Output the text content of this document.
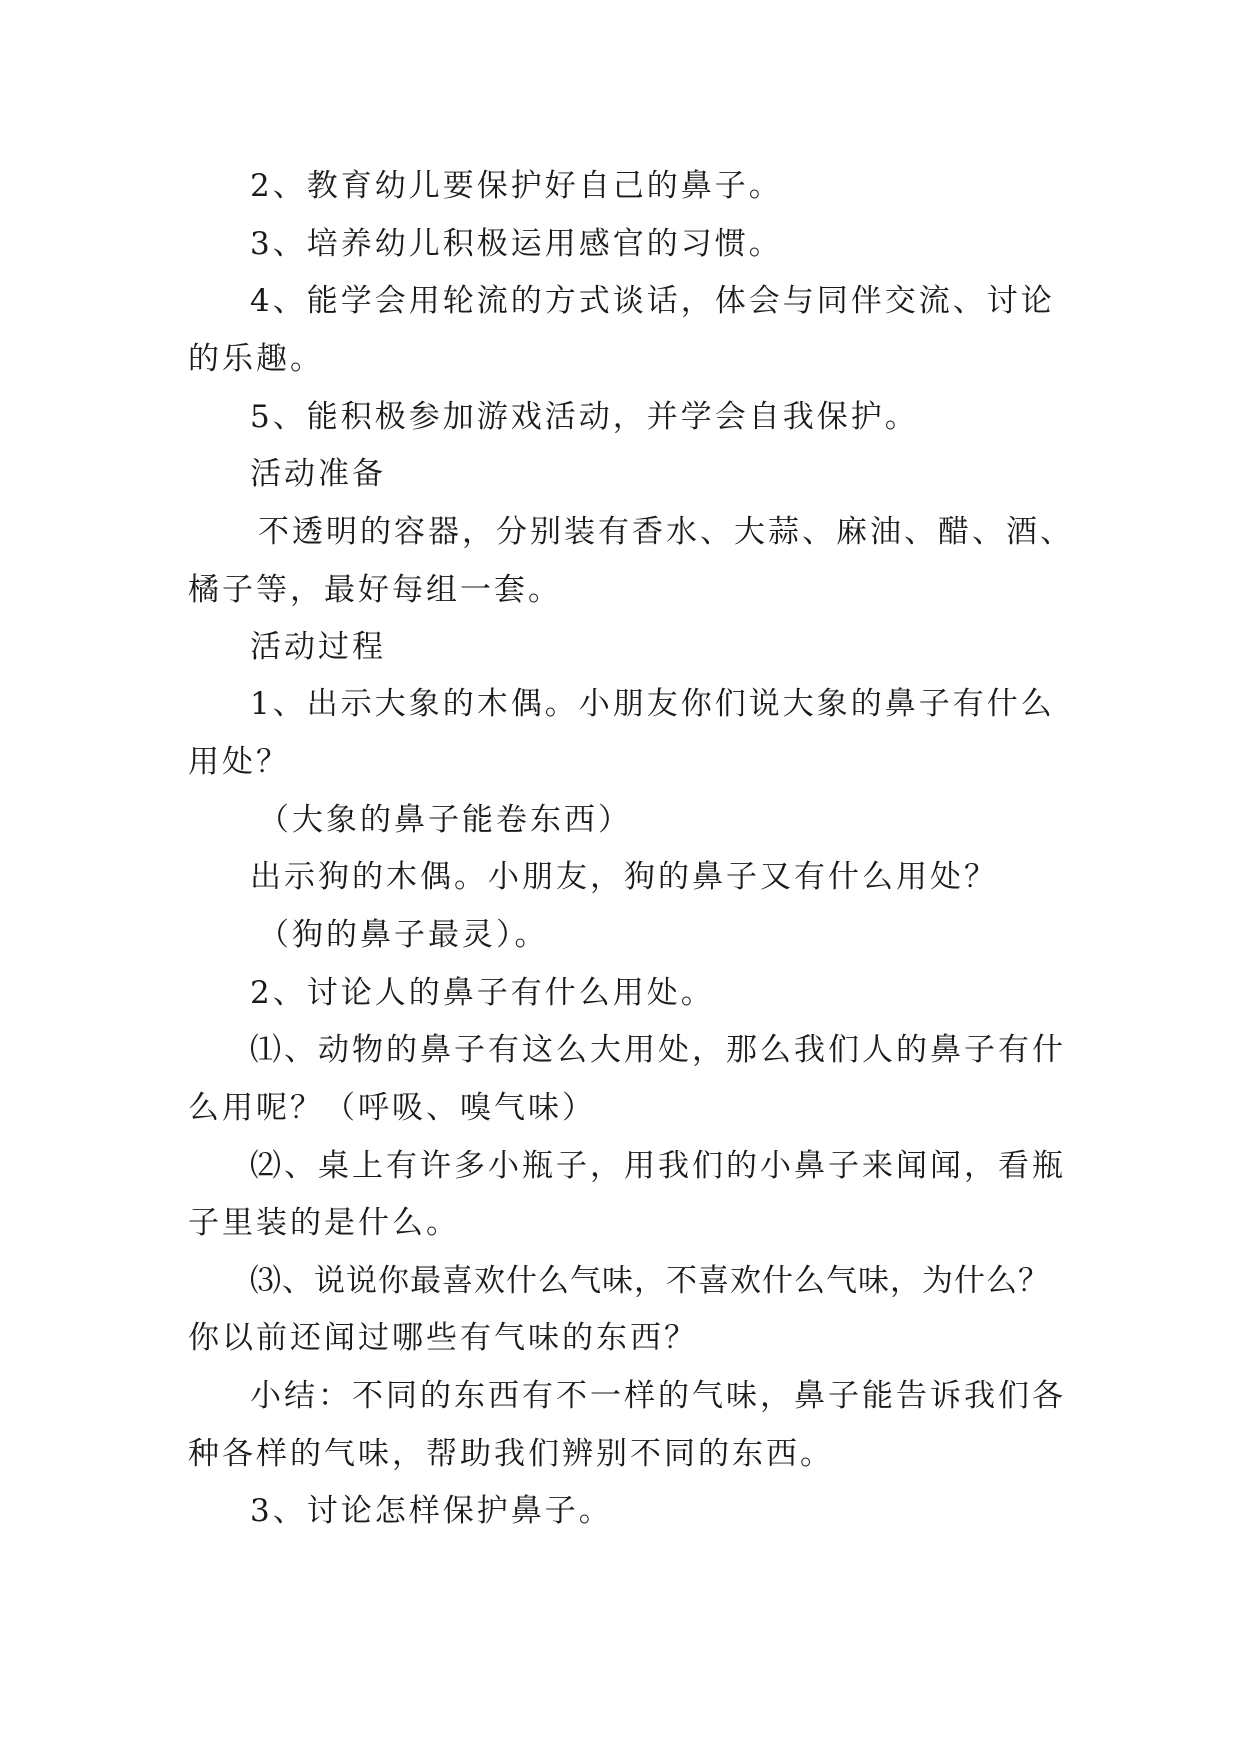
2、教育幼儿要保护好自己的鼻子。
3、培养幼儿积极运用感官的习惯。
4、能学会用轮流的方式谈话，体会与同伴交流、讨论
的乐趣。
5、能积极参加游戏活动，并学会自我保护。
活动准备
不透明的容器，分别装有香水、大蒜、麻油、醋、酒、
橘子等，最好每组一套。
活动过程
1、出示大象的木偶。小朋友你们说大象的鼻子有什么
用处？
（大象的鼻子能卷东西）
出示狗的木偶。小朋友，狗的鼻子又有什么用处？
（狗的鼻子最灵）。
2、讨论人的鼻子有什么用处。
⑴、动物的鼻子有这么大用处，那么我们人的鼻子有什
么用呢？（呼吸、嗅气味）
⑵、桌上有许多小瓶子，用我们的小鼻子来闻闻，看瓶
子里装的是什么。
⑶、说说你最喜欢什么气味，不喜欢什么气味，为什么？
你以前还闻过哪些有气味的东西？
小结：不同的东西有不一样的气味，鼻子能告诉我们各
种各样的气味，帮助我们辨别不同的东西。
3、讨论怎样保护鼻子。
